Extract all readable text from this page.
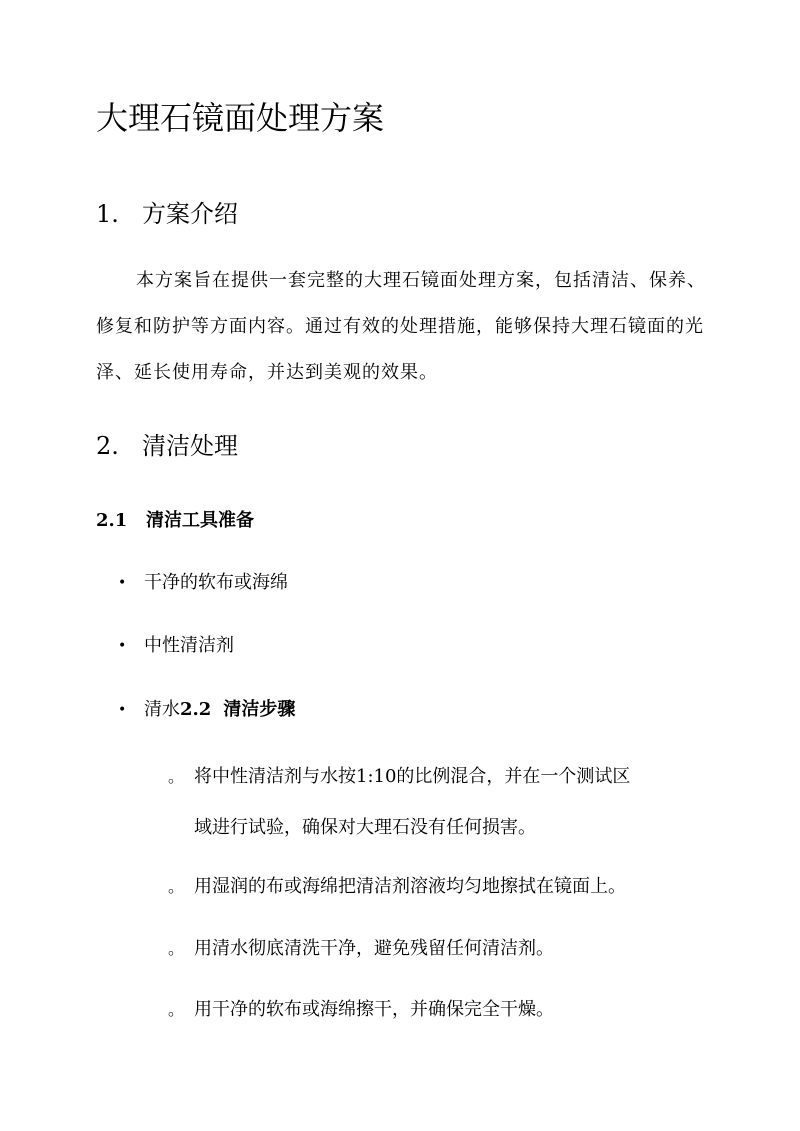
大理石镜面处理方案
1. 方案介绍
本方案旨在提供一套完整的大理石镜面处理方案，包括清洁、保养、修复和防护等方面内容。通过有效的处理措施，能够保持大理石镜面的光泽、延长使用寿命，并达到美观的效果。
2. 清洁处理
2.1 清洁工具准备
• 干净的软布或海绵
• 中性清洁剂
• 清水2.2 清洁步骤
。 将中性清洁剂与水按1:10的比例混合，并在一个测试区
域进行试验，确保对大理石没有任何损害。
。 用湿润的布或海绵把清洁剂溶液均匀地擦拭在镜面上。
。 用清水彻底清洗干净，避免残留任何清洁剂。
。 用干净的软布或海绵擦干，并确保完全干燥。
